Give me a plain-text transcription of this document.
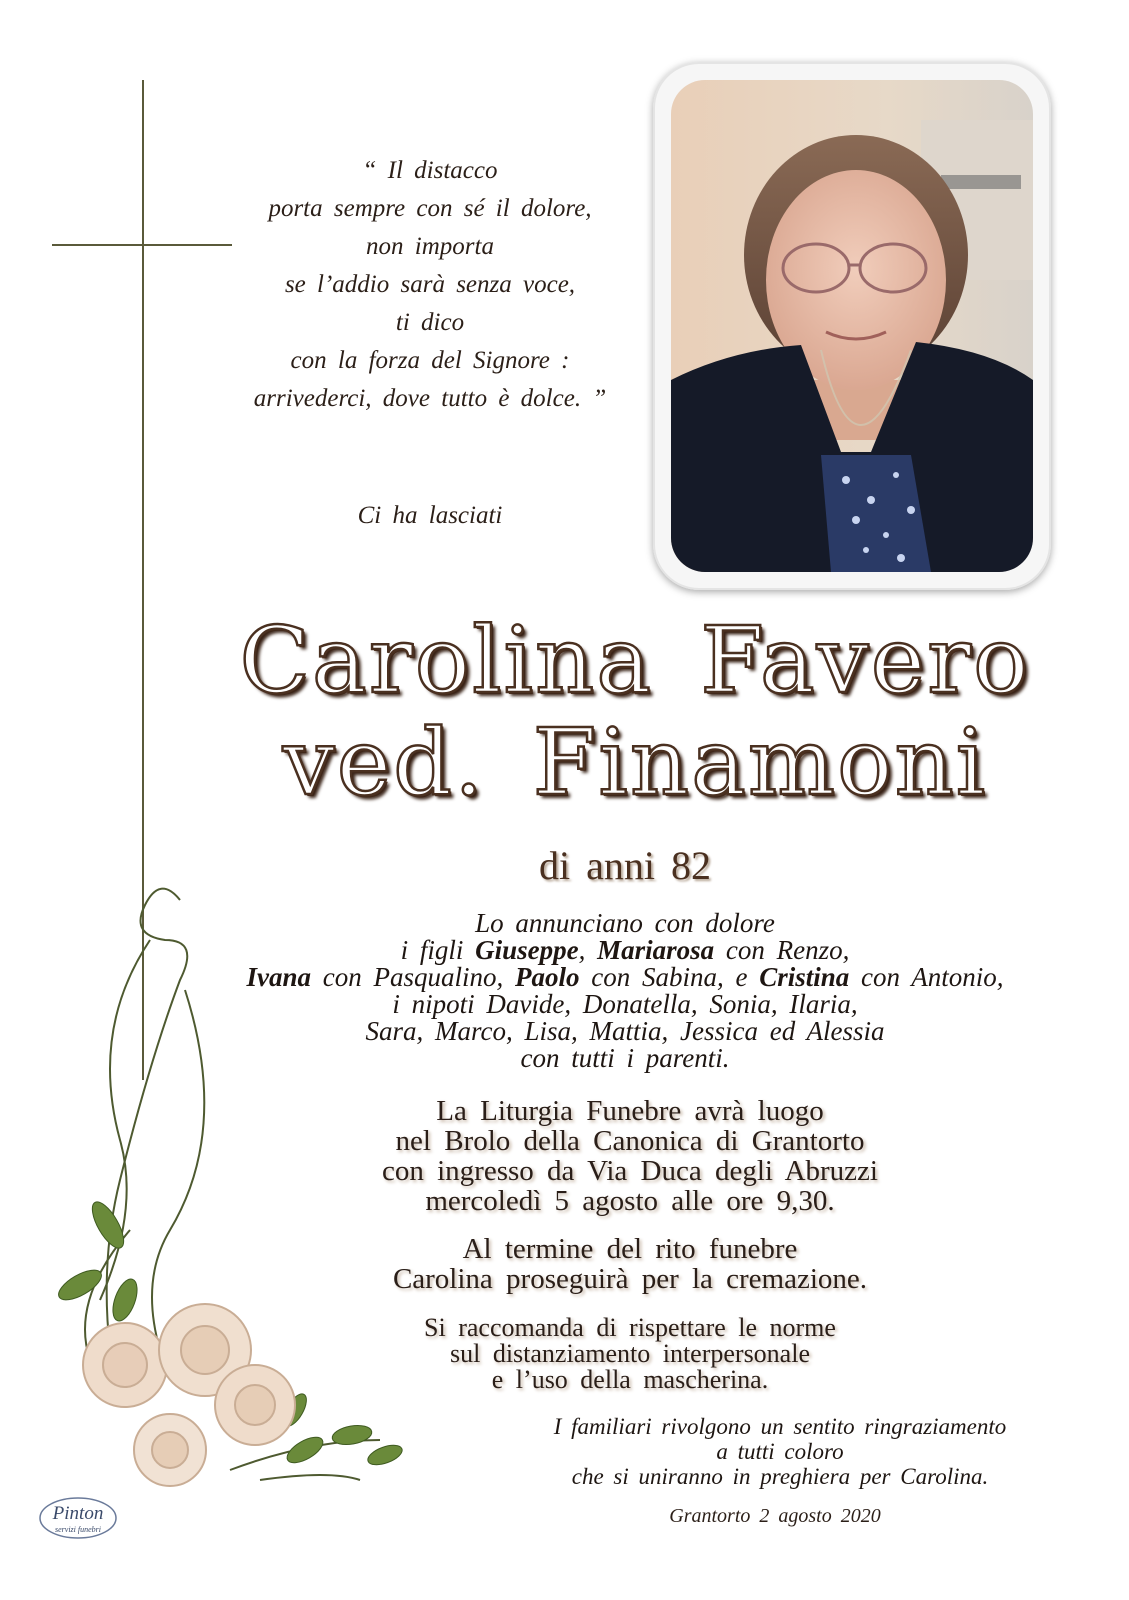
“ Il distacco
porta sempre con sé il dolore,
non importa
se l’addio sarà senza voce,
ti dico
con la forza del Signore :
arrivederci, dove tutto è dolce. ”
Ci ha lasciati
Carolina Favero
ved. Finamoni
di anni 82
Lo annunciano con dolore
i figli Giuseppe, Mariarosa con Renzo,
Ivana con Pasqualino, Paolo con Sabina, e Cristina con Antonio,
i nipoti Davide, Donatella, Sonia, Ilaria,
Sara, Marco, Lisa, Mattia, Jessica ed Alessia
con tutti i parenti.
La Liturgia Funebre avrà luogo
nel Brolo della Canonica di Grantorto
con ingresso da Via Duca degli Abruzzi
mercoledì 5 agosto alle ore 9,30.
Al termine del rito funebre
Carolina proseguirà per la cremazione.
Si raccomanda di rispettare le norme
sul distanziamento interpersonale
e l’uso della mascherina.
I familiari rivolgono un sentito ringraziamento
a tutti coloro
che si uniranno in preghiera per Carolina.
Grantorto 2 agosto 2020
Pinton
servizi funebri
